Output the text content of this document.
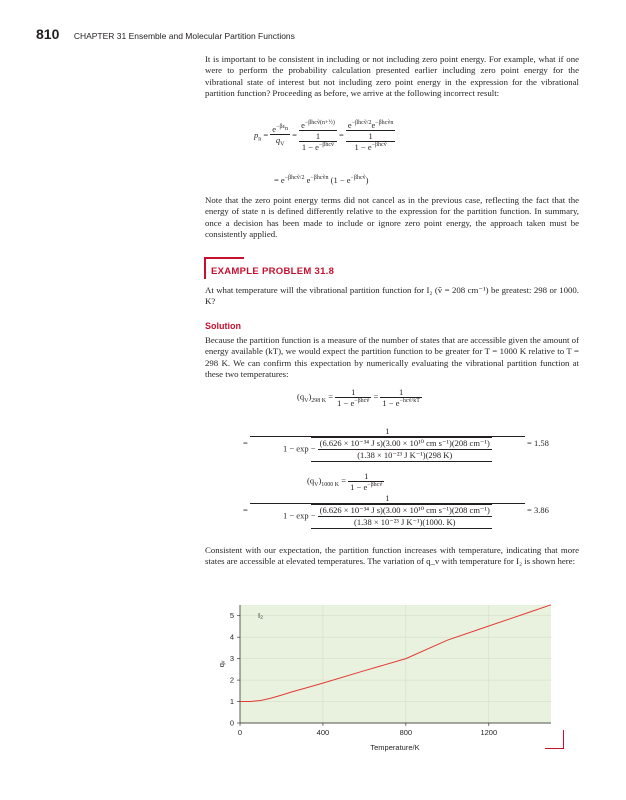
810 CHAPTER 31 Ensemble and Molecular Partition Functions
It is important to be consistent in including or not including zero point energy. For example, what if one were to perform the probability calculation presented earlier including zero point energy for the vibrational state of interest but not including zero point energy in the expression for the vibrational partition function? Proceeding as before, we arrive at the following incorrect result:
$p_n = \frac{e^{-\beta\varepsilon_n}}{q_V}$ =
$e^{-\beta hcṽ(n+\frac{1}{2})}$
1
$1 - e^{-\beta hcṽ}$
=
$e^{-\beta hcṽ/2}e^{-\beta hcṽn}$
1
$1 - e^{-\beta hcṽ}$
= $e^{-\beta hcṽ/2}$ $e^{-\beta hcṽn}$ $(1 - e^{-\beta hcṽ})$
Note that the zero point energy terms did not cancel as in the previous case, reflecting the fact that the energy of state n is defined differently relative to the expression for the partition function. In summary, once a decision has been made to include or ignore zero point energy, the approach taken must be consistently applied.
EXAMPLE PROBLEM 31.8
At what temperature will the vibrational partition function for I₂ (ṽ = 208 cm⁻¹) be greatest: 298 or 1000. K?
Solution
Because the partition function is a measure of the number of states that are accessible given the amount of energy available (kT), we would expect the partition function to be greater for T = 1000 K relative to T = 298 K. We can confirm this expectation by numerically evaluating the vibrational partition function at these two temperatures:
$(q_V)_{298 K} = \frac{1}{1 - e^{-\beta hcṽ}} = \frac{1}{1 - e^{-hcṽ/kT}}$
=
1
$1 - \exp - \frac{\text{(6.626 × 10⁻³⁴ J s)(3.00 × 10¹⁰ cm s⁻¹)(208 cm⁻¹)}}{\text{(1.38 × 10⁻²³ J K⁻¹)(298 K)}}$	= 1.58
$(q_V)_{1000 K} = \frac{1}{1 - e^{-\beta hcṽ}}$
=
1
$1 - \exp - \frac{\text{(6.626 × 10⁻³⁴ J s)(3.00 × 10¹⁰ cm s⁻¹)(208 cm⁻¹)}}{\text{(1.38 × 10⁻²³ J K⁻¹)(1000. K)}}$	= 3.86
Consistent with our expectation, the partition function increases with temperature, indicating that more states are accessible at elevated temperatures. The variation of q_v with temperature for I₂ is shown here:
0
1
2
3
4
5
0	400	800	1200
I₂
Temperature/K
qᵥ
